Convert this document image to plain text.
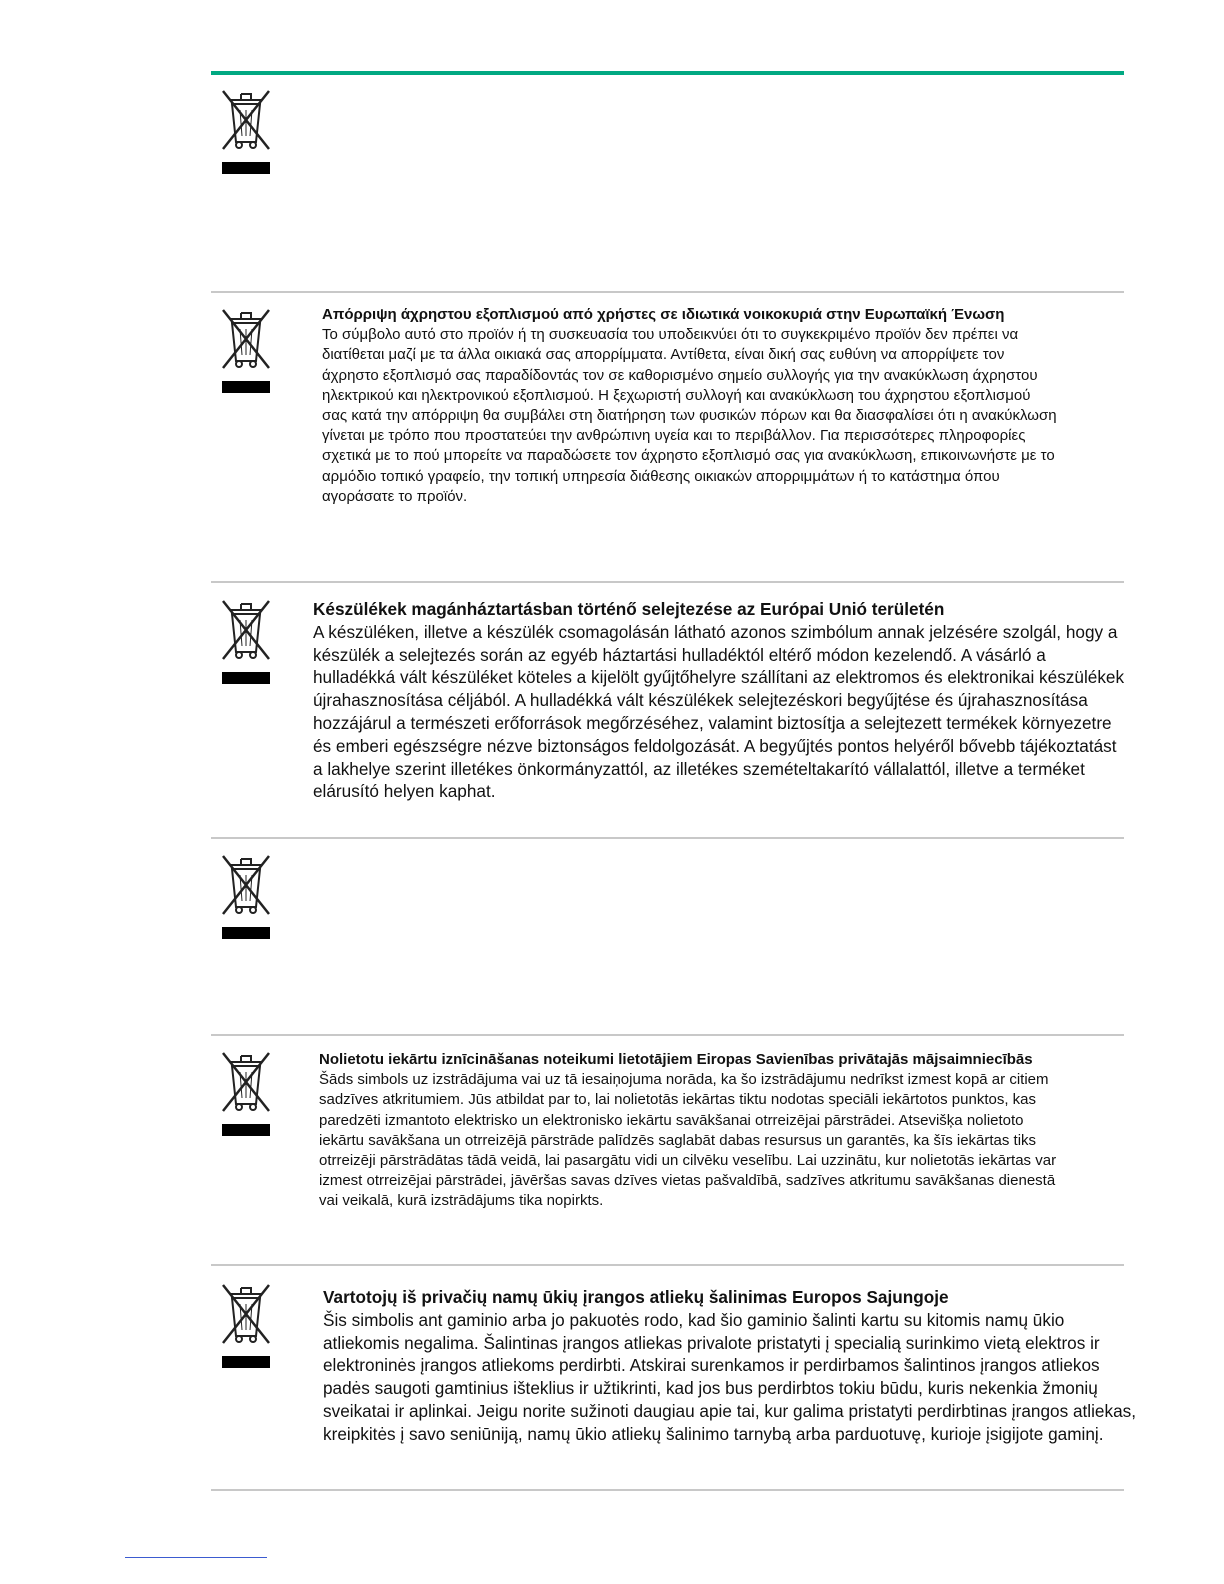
Απόρριψη άχρηστου εξοπλισμού από χρήστες σε ιδιωτικά νοικοκυριά στην Ευρωπαϊκή Ένωση

Το σύμβολο αυτό στο προϊόν ή τη συσκευασία του υποδεικνύει ότι το συγκεκριμένο προϊόν δεν πρέπει να διατίθεται μαζί με τα άλλα οικιακά σας απορρίμματα. Αντίθετα, είναι δική σας ευθύνη να απορρίψετε τον άχρηστο εξοπλισμό σας παραδίδοντάς τον σε καθορισμένο σημείο συλλογής για την ανακύκλωση άχρηστου ηλεκτρικού και ηλεκτρονικού εξοπλισμού. Η ξεχωριστή συλλογή και ανακύκλωση του άχρηστου εξοπλισμού σας κατά την απόρριψη θα συμβάλει στη διατήρηση των φυσικών πόρων και θα διασφαλίσει ότι η ανακύκλωση γίνεται με τρόπο που προστατεύει την ανθρώπινη υγεία και το περιβάλλον. Για περισσότερες πληροφορίες σχετικά με το πού μπορείτε να παραδώσετε τον άχρηστο εξοπλισμό σας για ανακύκλωση, επικοινωνήστε με το αρμόδιο τοπικό γραφείο, την τοπική υπηρεσία διάθεσης οικιακών απορριμμάτων ή το κατάστημα όπου αγοράσατε το προϊόν.

Készülékek magánháztartásban történő selejtezése az Európai Unió területén

A készüléken, illetve a készülék csomagolásán látható azonos szimbólum annak jelzésére szolgál, hogy a készülék a selejtezés során az egyéb háztartási hulladéktól eltérő módon kezelendő. A vásárló a hulladékká vált készüléket köteles a kijelölt gyűjtőhelyre szállítani az elektromos és elektronikai készülékek újrahasznosítása céljából. A hulladékká vált készülékek selejtezéskori begyűjtése és újrahasznosítása hozzájárul a természeti erőforrások megőrzéséhez, valamint biztosítja a selejtezett termékek környezetre és emberi egészségre nézve biztonságos feldolgozását. A begyűjtés pontos helyéről bővebb tájékoztatást a lakhelye szerint illetékes önkormányzattól, az illetékes szemételtakarító vállalattól, illetve a terméket elárusító helyen kaphat.

Nolietotu iekārtu iznīcināšanas noteikumi lietotājiem Eiropas Savienības privātajās mājsaimniecībās

Šāds simbols uz izstrādājuma vai uz tā iesaiņojuma norāda, ka šo izstrādājumu nedrīkst izmest kopā ar citiem sadzīves atkritumiem. Jūs atbildat par to, lai nolietotās iekārtas tiktu nodotas speciāli iekārtotos punktos, kas paredzēti izmantoto elektrisko un elektronisko iekārtu savākšanai otrreizējai pārstrādei. Atsevišķa nolietoto iekārtu savākšana un otrreizējā pārstrāde palīdzēs saglabāt dabas resursus un garantēs, ka šīs iekārtas tiks otrreizēji pārstrādātas tādā veidā, lai pasargātu vidi un cilvēku veselību. Lai uzzinātu, kur nolietotās iekārtas var izmest otrreizējai pārstrādei, jāvēršas savas dzīves vietas pašvaldībā, sadzīves atkritumu savākšanas dienestā vai veikalā, kurā izstrādājums tika nopirkts.

Vartotojų iš privačių namų ūkių įrangos atliekų šalinimas Europos Sajungoje

Šis simbolis ant gaminio arba jo pakuotės rodo, kad šio gaminio šalinti kartu su kitomis namų ūkio atliekomis negalima. Šalintinas įrangos atliekas privalote pristatyti į specialią surinkimo vietą elektros ir elektroninės įrangos atliekoms perdirbti. Atskirai surenkamos ir perdirbamos šalintinos įrangos atliekos padės saugoti gamtinius išteklius ir užtikrinti, kad jos bus perdirbtos tokiu būdu, kuris nekenkia žmonių sveikatai ir aplinkai. Jeigu norite sužinoti daugiau apie tai, kur galima pristatyti perdirbtinas įrangos atliekas, kreipkitės į savo seniūniją, namų ūkio atliekų šalinimo tarnybą arba parduotuvę, kurioje įsigijote gaminį.
